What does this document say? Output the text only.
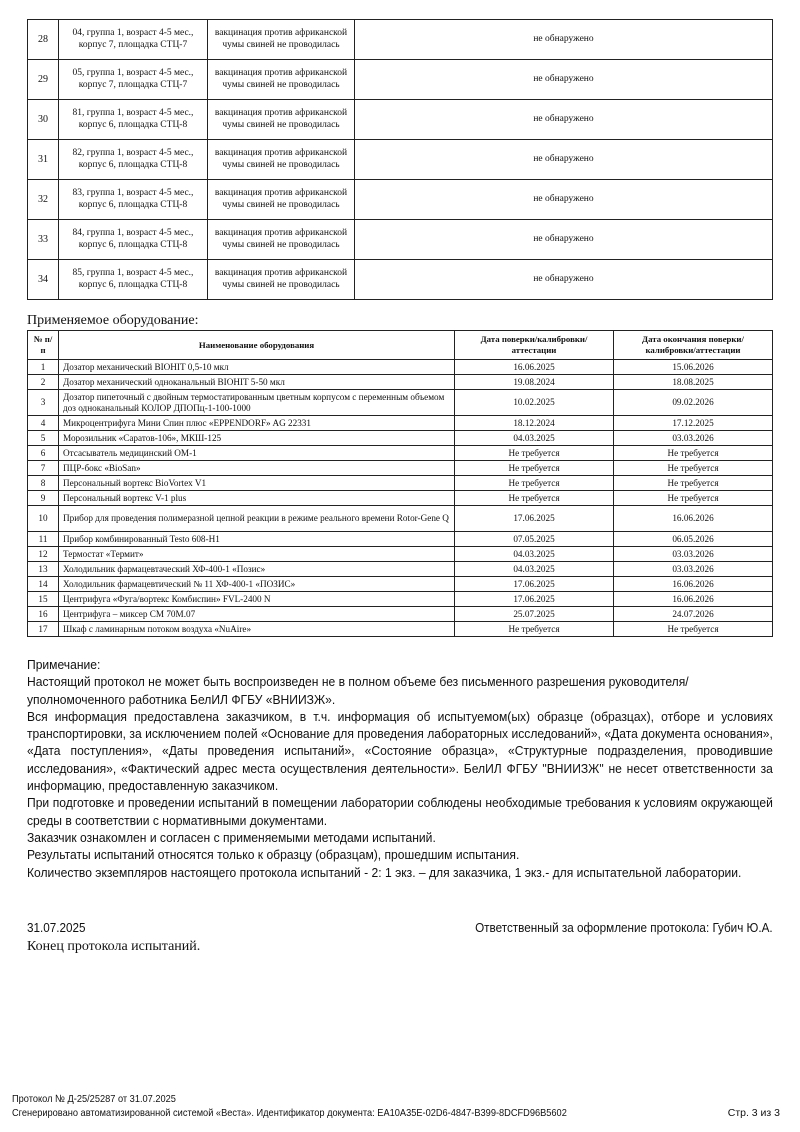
28	04, группа 1, возраст 4-5 мес., корпус 7, площадка СТЦ-7	вакцинация против африканской чумы свиней не проводилась	не обнаружено
29	05, группа 1, возраст 4-5 мес., корпус 7, площадка СТЦ-7	вакцинация против африканской чумы свиней не проводилась	не обнаружено
30	81, группа 1, возраст 4-5 мес., корпус 6, площадка СТЦ-8	вакцинация против африканской чумы свиней не проводилась	не обнаружено
31	82, группа 1, возраст 4-5 мес., корпус 6, площадка СТЦ-8	вакцинация против африканской чумы свиней не проводилась	не обнаружено
32	83, группа 1, возраст 4-5 мес., корпус 6, площадка СТЦ-8	вакцинация против африканской чумы свиней не проводилась	не обнаружено
33	84, группа 1, возраст 4-5 мес., корпус 6, площадка СТЦ-8	вакцинация против африканской чумы свиней не проводилась	не обнаружено
34	85, группа 1, возраст 4-5 мес., корпус 6, площадка СТЦ-8	вакцинация против африканской чумы свиней не проводилась	не обнаружено
Применяемое оборудование:
№ п/п	Наименование оборудования	Дата поверки/калибровки/аттестации	Дата окончания поверки/калибровки/аттестации
1	Дозатор механический BIOHIT 0,5-10 мкл	16.06.2025	15.06.2026
2	Дозатор механический одноканальный BIOHIT 5-50 мкл	19.08.2024	18.08.2025
3	Дозатор пипеточный с двойным термостатированным цветным корпусом с переменным объемом доз одноканальный КОЛОР ДПОПц-1-100-1000	10.02.2025	09.02.2026
4	Микроцентрифуга Мини Спин плюс «EPPENDORF» AG 22331	18.12.2024	17.12.2025
5	Морозильник «Саратов-106», МКШ-125	04.03.2025	03.03.2026
6	Отсасыватель медицинский ОМ-1	Не требуется	Не требуется
7	ПЦР-бокс «BioSan»	Не требуется	Не требуется
8	Персональный вортекс BioVortex V1	Не требуется	Не требуется
9	Персональный вортекс V-1 plus	Не требуется	Не требуется
10	Прибор для проведения полимеразной цепной реакции в режиме реального времени Rotor-Gene Q	17.06.2025	16.06.2026
11	Прибор комбинированный Testo 608-H1	07.05.2025	06.05.2026
12	Термостат «Термит»	04.03.2025	03.03.2026
13	Холодильник фармацевтаческий ХФ-400-1 «Позис»	04.03.2025	03.03.2026
14	Холодильник фармацевтический № 11 ХФ-400-1 «ПОЗИС»	17.06.2025	16.06.2026
15	Центрифуга «Фуга/вортекс Комбиспин» FVL-2400 N	17.06.2025	16.06.2026
16	Центрифуга – миксер СМ 70М.07	25.07.2025	24.07.2026
17	Шкаф с ламинарным потоком воздуха «NuAire»	Не требуется	Не требуется

Примечание:

Настоящий протокол не может быть воспроизведен не в полном объеме без письменного разрешения руководителя/уполномоченного работника БелИЛ ФГБУ «ВНИИЗЖ».

Вся информация предоставлена заказчиком, в т.ч. информация об испытуемом(ых) образце (образцах), отборе и условиях транспортировки, за исключением полей «Основание для проведения лабораторных исследований», «Дата документа основания», «Дата поступления», «Даты проведения испытаний», «Состояние образца», «Структурные подразделения, проводившие исследования», «Фактический адрес места осуществления деятельности». БелИЛ ФГБУ "ВНИИЗЖ" не несет ответственности за информацию, предоставленную заказчиком.

При подготовке и проведении испытаний в помещении лаборатории соблюдены необходимые требования к условиям окружающей среды в соответствии с нормативными документами.

Заказчик ознакомлен и согласен с применяемыми методами испытаний.

Результаты испытаний относятся только к образцу (образцам), прошедшим испытания.

Количество экземпляров настоящего протокола испытаний - 2: 1 экз. – для заказчика, 1 экз.- для испытательной лаборатории.

31.07.2025	Ответственный за оформление протокола: Губич Ю.А.
Конец протокола испытаний.
Протокол № Д-25/25287 от 31.07.2025
Сгенерировано автоматизированной системой «Веста». Идентификатор документа: EA10A35E-02D6-4847-B399-8DCFD96B5602	Стр. 3 из 3
